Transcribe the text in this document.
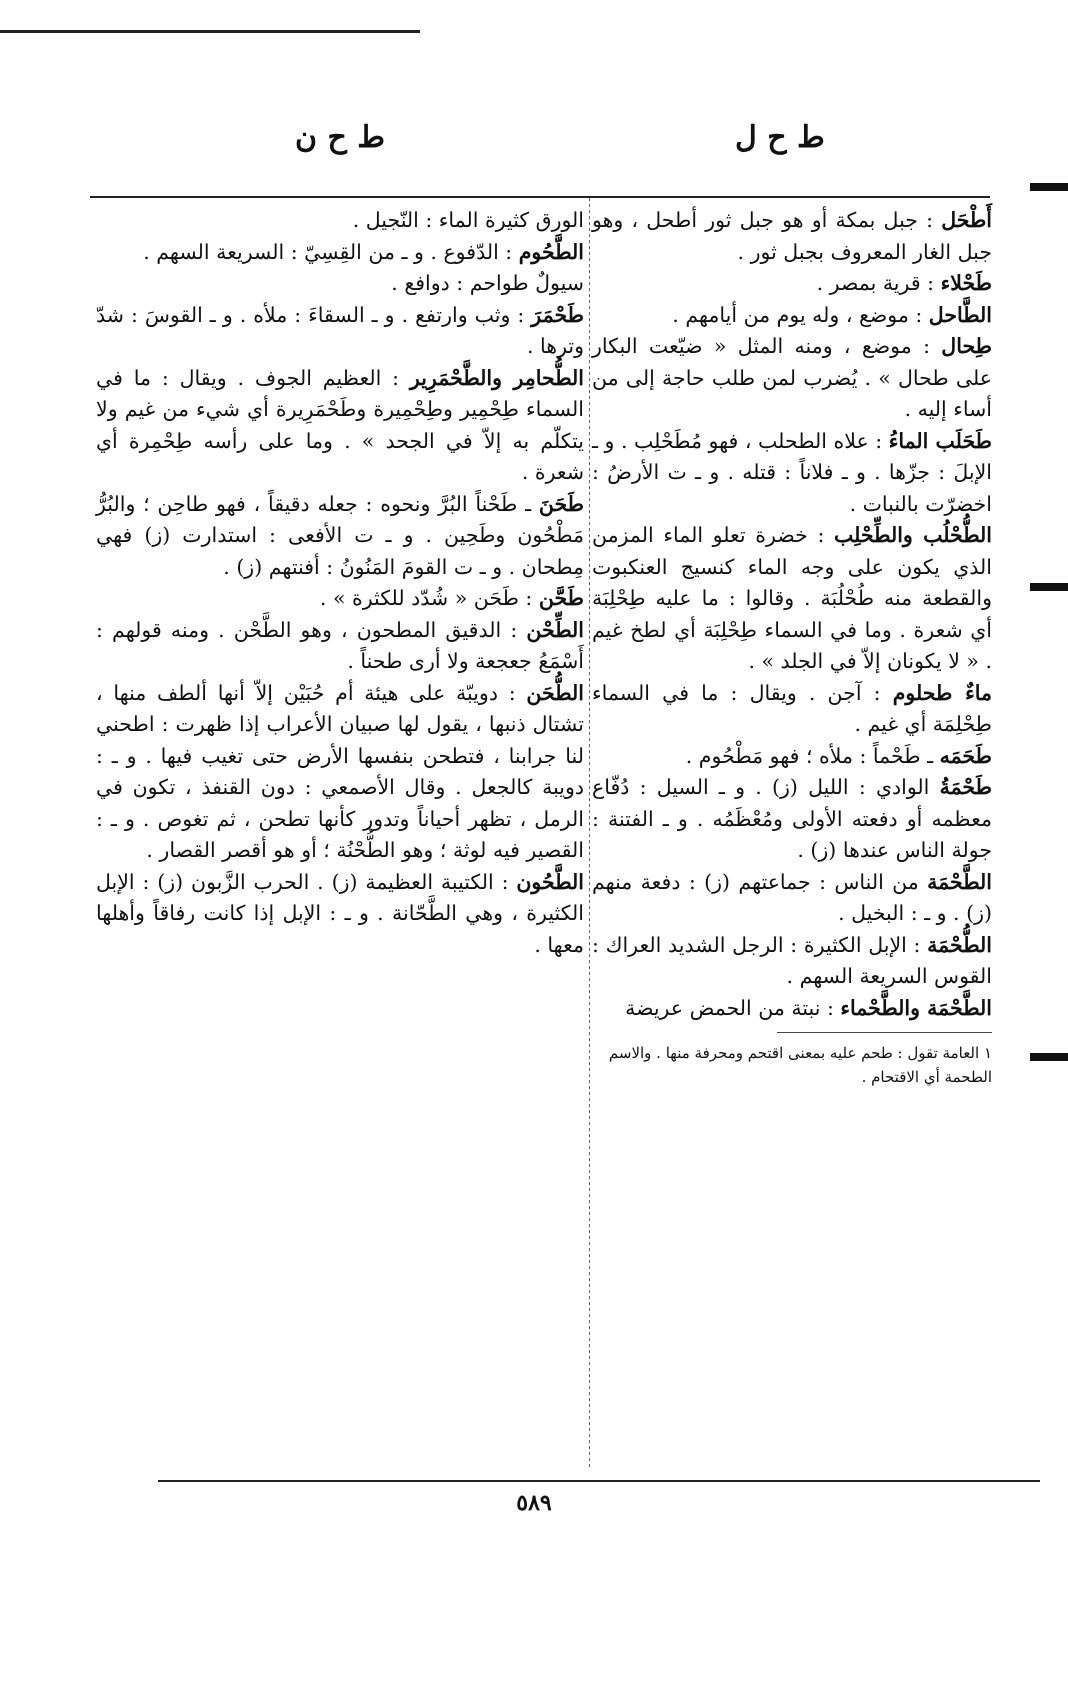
ط ح ل
ط ح ن

أَطْحَل : جبل بمكة أو هو جبل ثور أطحل ، وهو جبل الغار المعروف بجبل ثور .

طَحْلاء : قرية بمصر .

الطَّاحل : موضع ، وله يوم من أيامهم .

طِحال : موضع ، ومنه المثل « ضيّعت البكار على طحال » . يُضرب لمن طلب حاجة إلى من أساء إليه .

طَحَلَب الماءُ : علاه الطحلب ، فهو مُطَحْلِب . و ـ الإبلَ : جزّها . و ـ فلاناً : قتله . و ـ ت الأرضُ : اخضرّت بالنبات .

الطُّحْلُب والطِّحْلِب : خضرة تعلو الماء المزمن الذي يكون على وجه الماء كنسيج العنكبوت والقطعة منه طُحْلُبَة . وقالوا : ما عليه طِحْلِبَة أي شعرة . وما في السماء طِحْلِبَة أي لطخ غيم . « لا يكونان إلاّ في الجلد » .

ماءٌ طحلوم : آجن . ويقال : ما في السماء طِحْلِمَة أي غيم .

طَحَمَه ـ طَحْماً : ملأه ؛ فهو مَطْحُوم .

طَحْمَةُ الوادي : الليل (ز) . و ـ السيل : دُفّاع معظمه أو دفعته الأولى ومُعْظَمُه . و ـ الفتنة : جولة الناس عندها (ز) .

الطَّحْمَة من الناس : جماعتهم (ز) : دفعة منهم (ز) . و ـ : البخيل .

الطُّحْمَة : الإبل الكثيرة : الرجل الشديد العراك : القوس السريعة السهم .

الطَّحْمَة والطَّحْماء : نبتة من الحمض عريضة

١ العامة تقول : طحم عليه بمعنى اقتحم ومحرفة منها . والاسم الطحمة أي الاقتحام .

الورق كثيرة الماء : النّجيل .

الطَّحُوم : الدّفوع . و ـ من القِسِيّ : السريعة السهم .

سيولٌ طواحم : دوافع .

طَحْمَرَ : وثب وارتفع . و ـ السقاءَ : ملأه . و ـ القوسَ : شدّ وترها .

الطُّحامِر والطَّحْمَرِير : العظيم الجوف . ويقال : ما في السماء طِحْمِير وطِحْمِيرة وطَحْمَرِيرة أي شيء من غيم ولا يتكلّم به إلاّ في الجحد » . وما على رأسه طِحْمِرة أي شعرة .

طَحَنَ ـ طَحْناً البُرَّ ونحوه : جعله دقيقاً ، فهو طاحِن ؛ والبُرُّ مَطْحُون وطَحِين . و ـ ت الأفعى : استدارت (ز) فهي مِطحان . و ـ ت القومَ المَنُونُ : أفنتهم (ز) .

طَحَّن : طَحَن « شُدّد للكثرة » .

الطِّحْن : الدقيق المطحون ، وهو الطَّحْن . ومنه قولهم : أَسْمَعُ جعجعة ولا أرى طحناً .

الطُّحَن : دويبّة على هيئة أم حُبَيْن إلاّ أنها ألطف منها ، تشتال ذنبها ، يقول لها صبيان الأعراب إذا ظهرت : اطحني لنا جرابنا ، فتطحن بنفسها الأرض حتى تغيب فيها . و ـ : دويبة كالجعل . وقال الأصمعي : دون القنفذ ، تكون في الرمل ، تظهر أحياناً وتدور كأنها تطحن ، ثم تغوص . و ـ : القصير فيه لوثة ؛ وهو الطُّحْنُة ؛ أو هو أقصر القصار .

الطَّحُون : الكتيبة العظيمة (ز) . الحرب الزَّبون (ز) : الإبل الكثيرة ، وهي الطَّحّانة . و ـ : الإبل إذا كانت رفاقاً وأهلها معها .

٥٨٩
